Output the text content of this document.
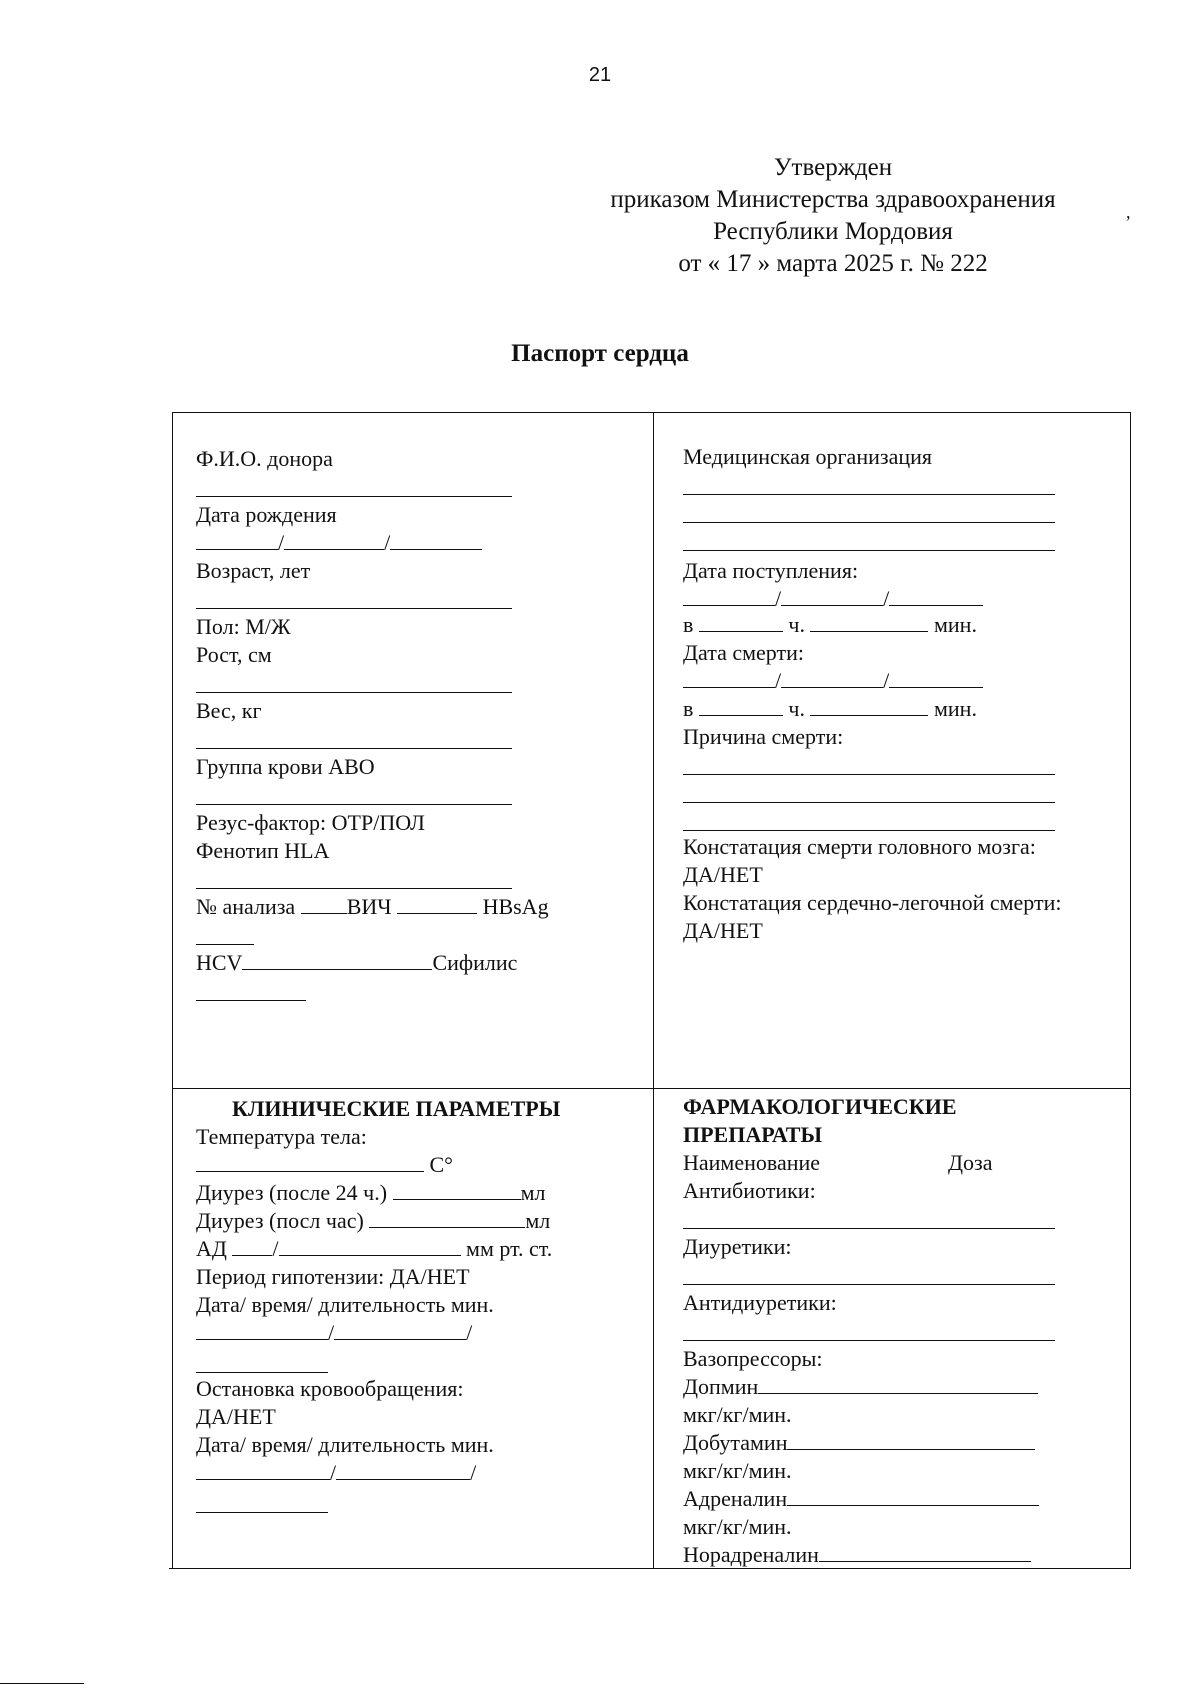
21
Утвержден
приказом Министерства здравоохранения
Республики Мордовия
от « 17 » марта 2025 г. № 222
,
Паспорт сердца
Ф.И.О. донора
Дата рождения
/	/
Возраст, лет
Пол: М/Ж
Рост, см
Вес, кг
Группа крови АВО
Резус-фактор: ОТР/ПОЛ
Фенотип HLA
№ анализа ВИЧ	HBsAg
HCV	Сифилис
Медицинская организация
Дата поступления:
/	/
в	ч.	мин.
Дата смерти:
/	/
в	ч.	мин.
Причина смерти:
Констатация смерти головного мозга:
ДА/НЕТ
Констатация сердечно-легочной смерти:
ДА/НЕТ
КЛИНИЧЕСКИЕ ПАРАМЕТРЫ
Температура тела:
С°
Диурез (после 24 ч.)	мл
Диурез (посл час)	мл
АД /	мм рт. ст.
Период гипотензии: ДА/НЕТ
Дата/ время/ длительность мин.
/	/
Остановка кровообращения:
ДА/НЕТ
Дата/ время/ длительность мин.
/	/
ФАРМАКОЛОГИЧЕСКИЕ
ПРЕПАРАТЫ
Наименование	Доза
Антибиотики:
Диуретики:
Антидиуретики:
Вазопрессоры:
Допмин
мкг/кг/мин.
Добутамин
мкг/кг/мин.
Адреналин
мкг/кг/мин.
Норадреналин
